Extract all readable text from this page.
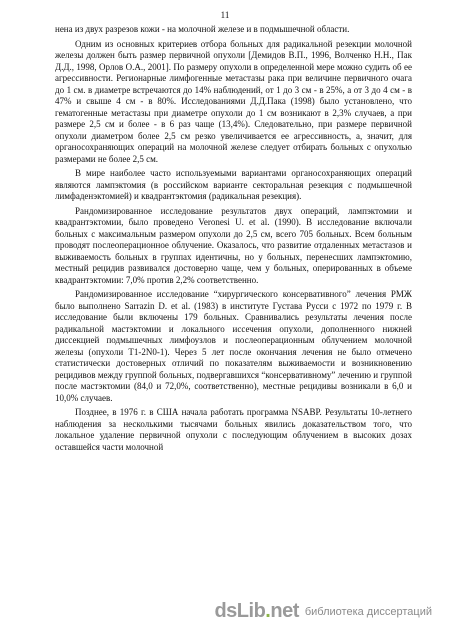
11

нена из двух разрезов кожи - на молочной железе и в подмышечной области.

Одним из основных критериев отбора больных для радикальной резекции молочной железы должен быть размер первичной опухоли [Демидов В.П., 1996, Волченко Н.Н., Пак Д.Д., 1998, Орлов О.А., 2001]. По размеру опухоли в определенной мере можно судить об ее агрессивности. Регионарные лимфогенные метастазы рака при величине первичного очага до 1 см. в диаметре встречаются до 14% наблюдений, от 1 до 3 см - в 25%, а от 3 до 4 см - в 47% и свыше 4 см - в 80%. Исследованиями Д.Д.Пака (1998) было установлено, что гематогенные метастазы при диаметре опухоли до 1 см возникают в 2,3% случаев, а при размере 2,5 см и более - в 6 раз чаще (13,4%). Следовательно, при размере первичной опухоли диаметром более 2,5 см резко увеличивается ее агрессивность, а, значит, для органосохраняющих операций на молочной железе следует отбирать больных с опухолью размерами не более 2,5 см.

В мире наиболее часто используемыми вариантами органосохраняющих операций являются лампэктомия (в российском варианте секторальная резекция с подмышечной лимфаденэктомией) и квадрантэктомия (радикальная резекция).

Рандомизированное исследование результатов двух операций, лампэктомии и квадрантэктомии, было проведено Veronesi U. et al. (1990). В исследование включали больных с максимальным размером опухоли до 2,5 см, всего 705 больных. Всем больным проводят послеоперационное облучение. Оказалось, что развитие отдаленных метастазов и выживаемость больных в группах идентичны, но у больных, перенесших лампэктомию, местный рецидив развивался достоверно чаще, чем у больных, оперированных в объеме квадрантэктомии: 7,0% против 2,2% соответственно.

Рандомизированное исследование “хирургического консервативного” лечения РМЖ было выполнено Sarrazin D. et al. (1983) в институте Густава Русси с 1972 по 1979 г. В исследование были включены 179 больных. Сравнивались результаты лечения после радикальной мастэктомии и локального иссечения опухоли, дополненного нижней диссекцией подмышечных лимфоузлов и послеоперационным облучением молочной железы (опухоли T1-2N0-1). Через 5 лет после окончания лечения не было отмечено статистически достоверных отличий по показателям выживаемости и возникновению рецидивов между группой больных, подвергавшихся “консервативному” лечению и группой после мастэктомии (84,0 и 72,0%, соответственно), местные рецидивы возникали в 6,0 и 10,0% случаев.

Позднее, в 1976 г. в США начала работать программа NSABP. Результаты 10-летнего наблюдения за несколькими тысячами больных явились доказательством того, что локальное удаление первичной опухоли с последующим облучением в высоких дозах оставшейся части молочной

dsLib.net библиотека диссертаций
